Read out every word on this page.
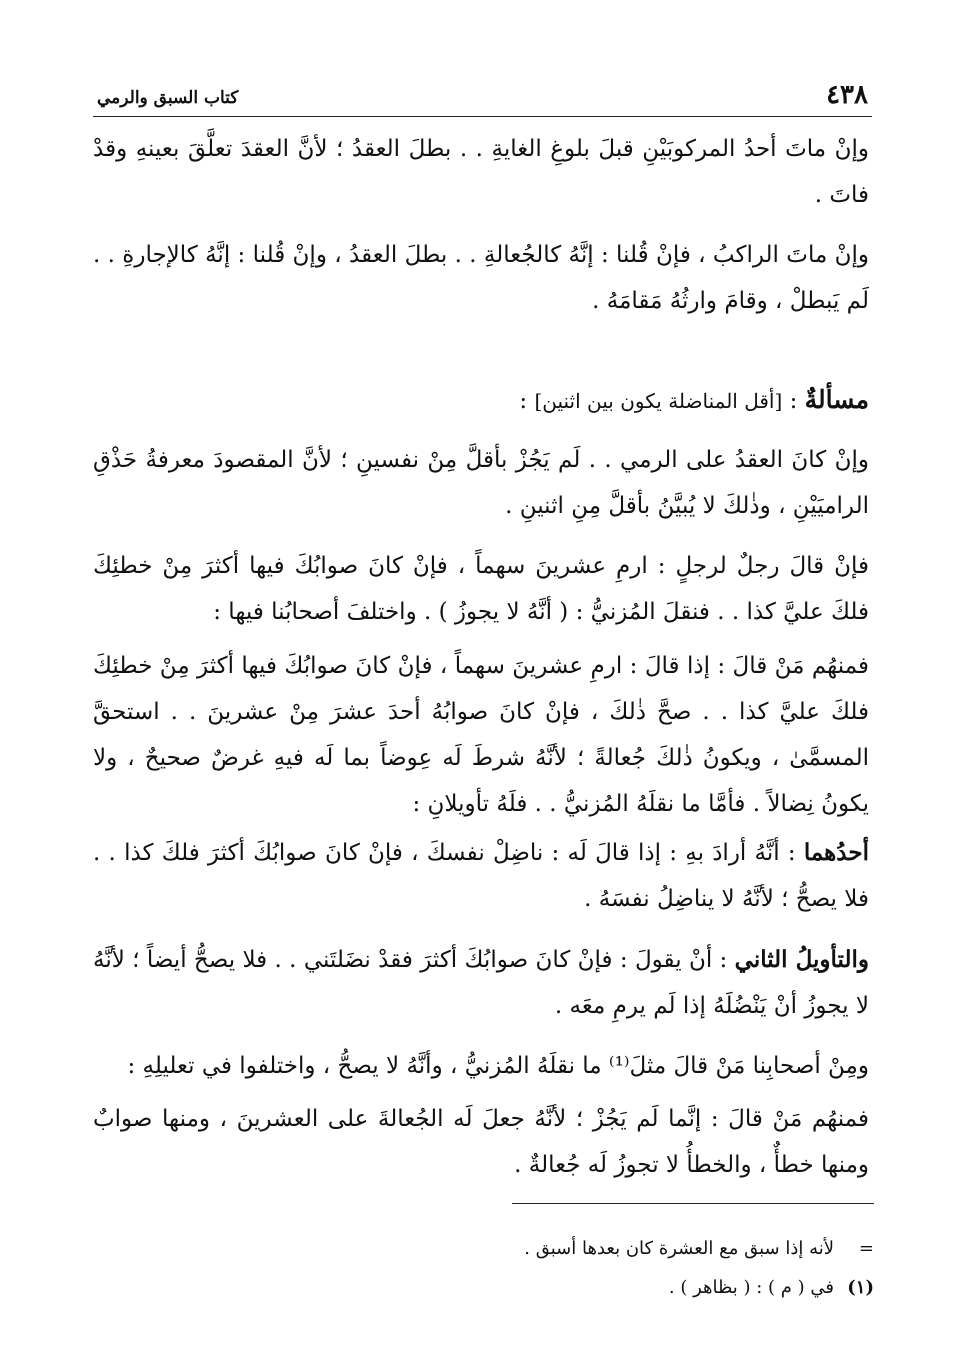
٤٣٨
كتاب السبق والرمي

وإنْ ماتَ أحدُ المركوبَيْنِ قبلَ بلوغِ الغايةِ . . بطلَ العقدُ ؛ لأنَّ العقدَ تعلَّقَ بعينهِ وقدْ فاتَ .

وإنْ ماتَ الراكبُ ، فإنْ قُلنا : إنَّهُ كالجُعالةِ . . بطلَ العقدُ ، وإنْ قُلنا : إنَّهُ كالإجارةِ . . لَم يَبطلْ ، وقامَ وارثُهُ مَقامَهُ .

مسألةٌ : [أقل المناضلة يكون بين اثنين] :

وإنْ كانَ العقدُ على الرمي . . لَم يَجُزْ بأقلَّ مِنْ نفسينِ ؛ لأنَّ المقصودَ معرفةُ حَذْقِ الراميَيْنِ ، وذٰلكَ لا يُبيَّنُ بأقلَّ مِنِ اثنينِ .

فإنْ قالَ رجلٌ لرجلٍ : ارمِ عشرينَ سهماً ، فإنْ كانَ صوابُكَ فيها أكثرَ مِنْ خطئِكَ فلكَ عليَّ كذا . . فنقلَ المُزنيُّ : ( أنَّهُ لا يجوزُ ) . واختلفَ أصحابُنا فيها :

فمنهُم مَنْ قالَ : إذا قالَ : ارمِ عشرينَ سهماً ، فإنْ كانَ صوابُكَ فيها أكثرَ مِنْ خطئِكَ فلكَ عليَّ كذا . . صحَّ ذٰلكَ ، فإنْ كانَ صوابُهُ أحدَ عشرَ مِنْ عشرينَ . . استحقَّ المسمَّىٰ ، ويكونُ ذٰلكَ جُعالةً ؛ لأنَّهُ شرطَ لَه عِوضاً بما لَه فيهِ غرضٌ صحيحٌ ، ولا يكونُ نِضالاً . فأمَّا ما نقلَهُ المُزنيُّ . . فلَهُ تأويلانِ :

أحدُهما : أنَّهُ أرادَ بهِ : إذا قالَ لَه : ناضِلْ نفسكَ ، فإنْ كانَ صوابُكَ أكثرَ فلكَ كذا . . فلا يصحُّ ؛ لأنَّهُ لا يناضِلُ نفسَهُ .

والتأويلُ الثاني : أنْ يقولَ : فإنْ كانَ صوابُكَ أكثرَ فقدْ نضَلتَني . . فلا يصحُّ أيضاً ؛ لأنَّهُ لا يجوزُ أنْ يَنْضُلَهُ إذا لَم يرمِ معَه .

ومِنْ أصحابِنا مَنْ قالَ مثلَ⁽¹⁾ ما نقلَهُ المُزنيُّ ، وأنَّهُ لا يصحُّ ، واختلفوا في تعليلِهِ :

فمنهُم مَنْ قالَ : إنَّما لَم يَجُزْ ؛ لأنَّهُ جعلَ لَه الجُعالةَ على العشرينَ ، ومنها صوابٌ ومنها خطأٌ ، والخطأُ لا تجوزُ لَه جُعالةٌ .

=لأنه إذا سبق مع العشرة كان بعدها أسبق .
(١)في ( م ) : ( بظاهر ) .
